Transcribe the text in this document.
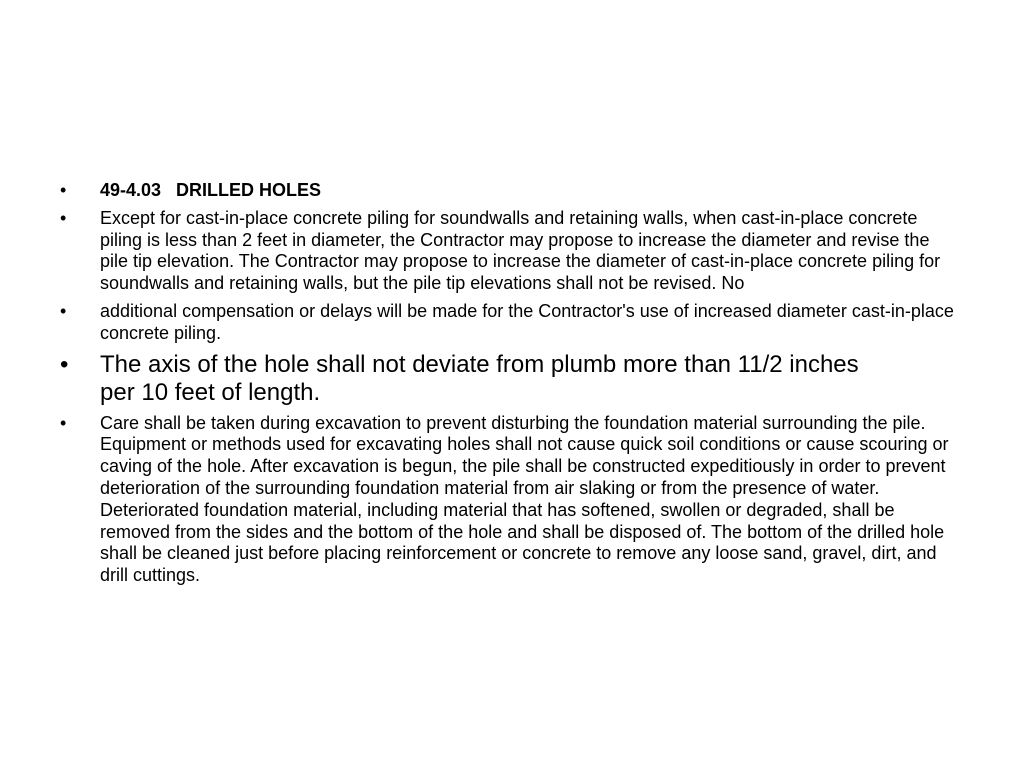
• 49-4.03   DRILLED HOLES
• Except for cast-in-place concrete piling for soundwalls and retaining walls, when cast-in-place concrete piling is less than 2 feet in diameter, the Contractor may propose to increase the diameter and revise the pile tip elevation. The Contractor may propose to increase the diameter of cast-in-place concrete piling for soundwalls and retaining walls, but the pile tip elevations shall not be revised. No
• additional compensation or delays will be made for the Contractor's use of increased diameter cast-in-place concrete piling.
• The axis of the hole shall not deviate from plumb more than 11/2 inches per 10 feet of length.
• Care shall be taken during excavation to prevent disturbing the foundation material surrounding the pile. Equipment or methods used for excavating holes shall not cause quick soil conditions or cause scouring or caving of the hole. After excavation is begun, the pile shall be constructed expeditiously in order to prevent deterioration of the surrounding foundation material from air slaking or from the presence of water. Deteriorated foundation material, including material that has softened, swollen or degraded, shall be removed from the sides and the bottom of the hole and shall be disposed of. The bottom of the drilled hole shall be cleaned just before placing reinforcement or concrete to remove any loose sand, gravel, dirt, and drill cuttings.
